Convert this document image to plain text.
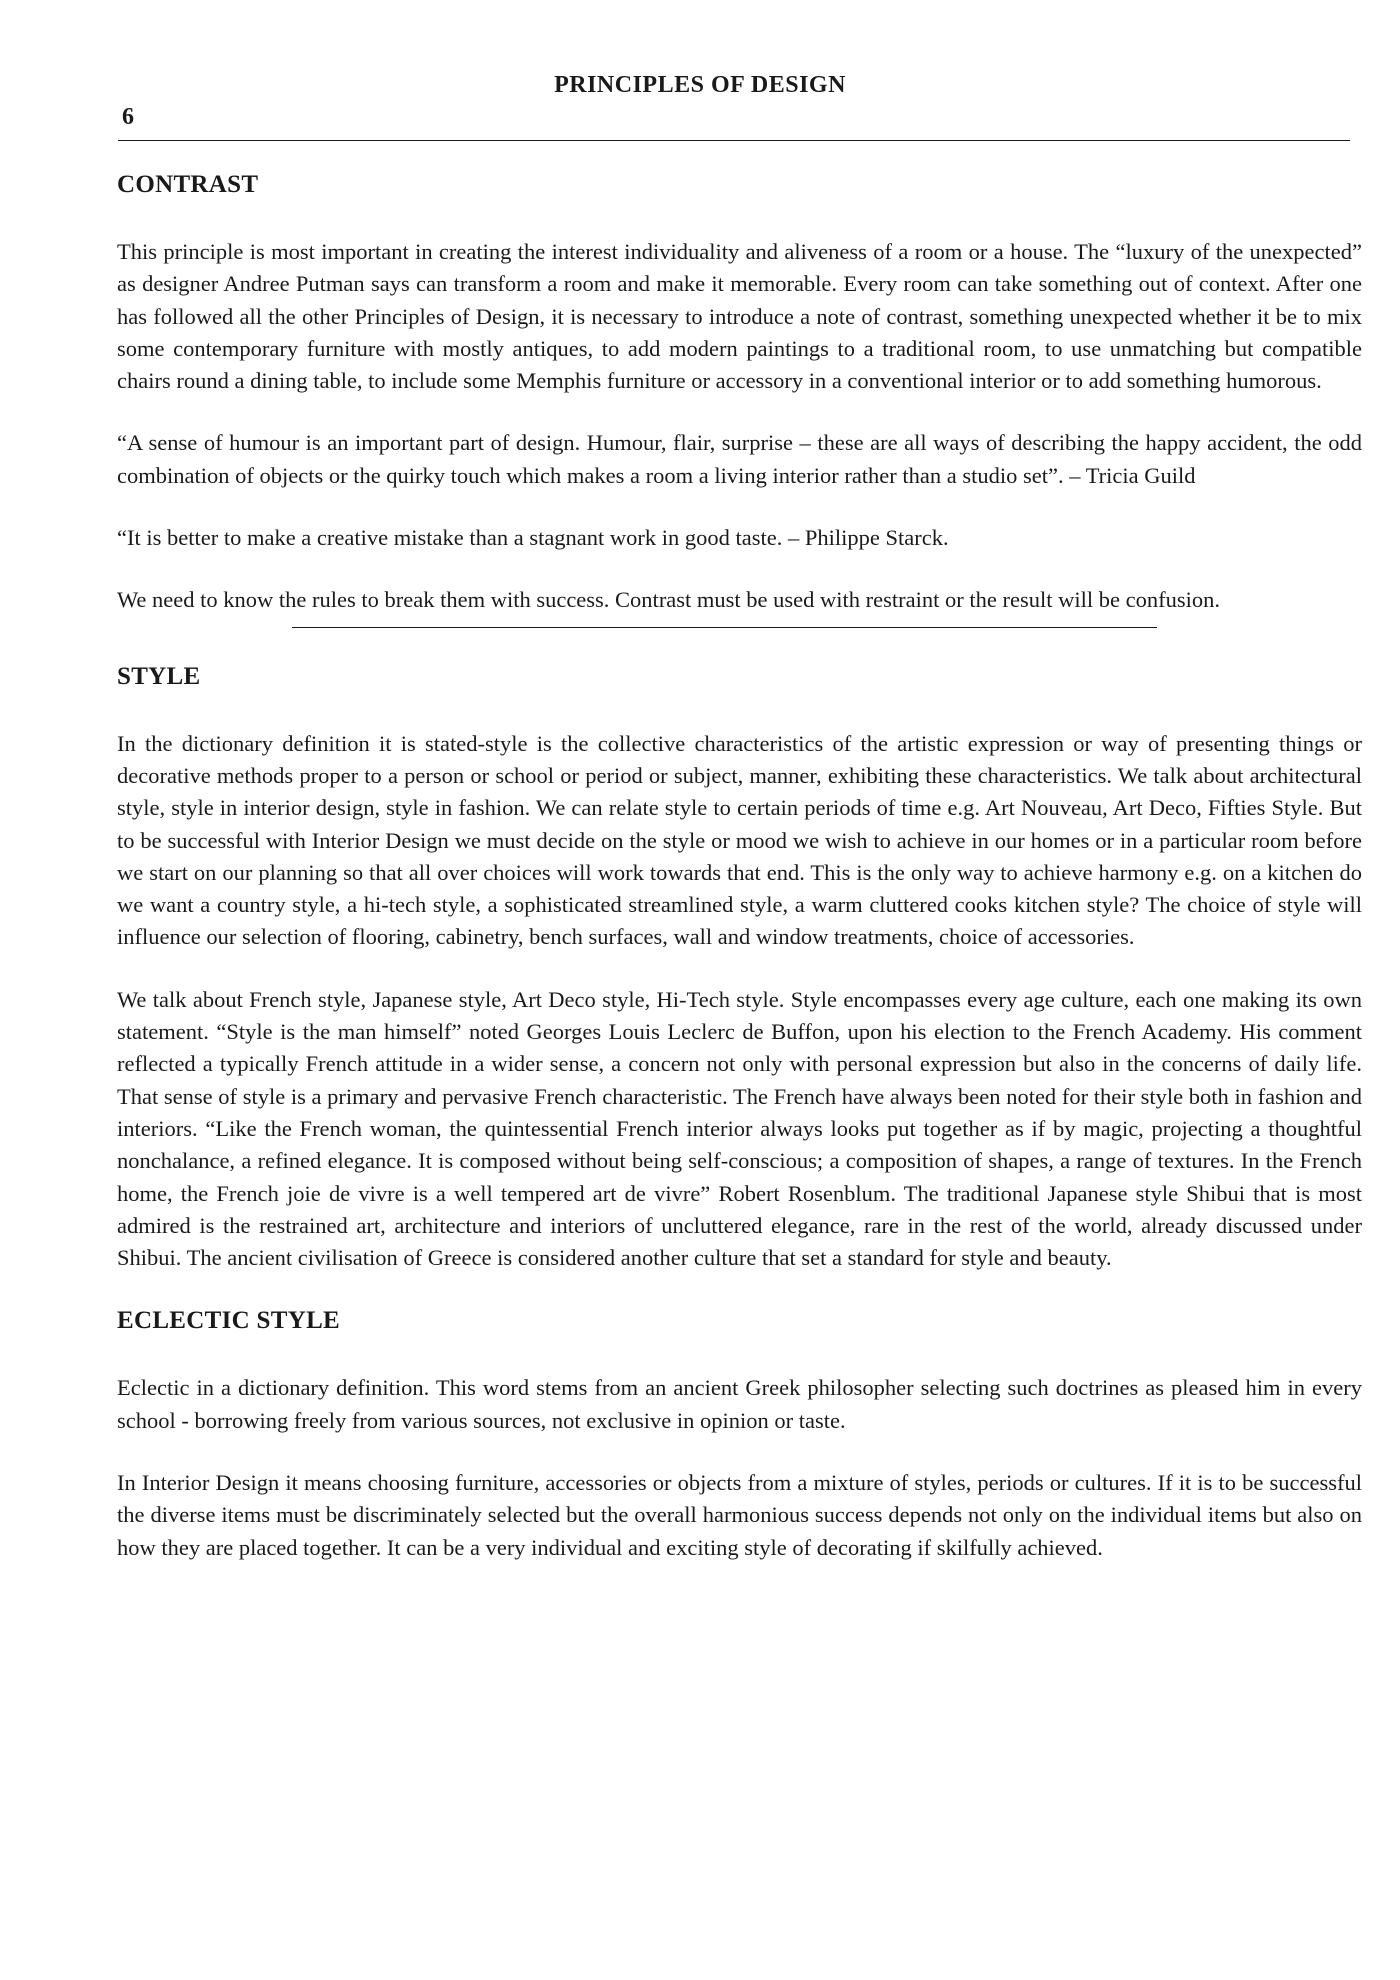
PRINCIPLES OF DESIGN
6
CONTRAST

This principle is most important in creating the interest individuality and aliveness of a room or a house. The “luxury of the unexpected” as designer Andree Putman says can transform a room and make it memorable. Every room can take something out of context. After one has followed all the other Principles of Design, it is necessary to introduce a note of contrast, something unexpected whether it be to mix some contemporary furniture with mostly antiques, to add modern paintings to a traditional room, to use unmatching but compatible chairs round a dining table, to include some Memphis furniture or accessory in a conventional interior or to add something humorous.

“A sense of humour is an important part of design. Humour, flair, surprise – these are all ways of describing the happy accident, the odd combination of objects or the quirky touch which makes a room a living interior rather than a studio set”. – Tricia Guild

“It is better to make a creative mistake than a stagnant work in good taste. – Philippe Starck.

We need to know the rules to break them with success. Contrast must be used with restraint or the result will be confusion.

STYLE

In the dictionary definition it is stated-style is the collective characteristics of the artistic expression or way of presenting things or decorative methods proper to a person or school or period or subject, manner, exhibiting these characteristics. We talk about architectural style, style in interior design, style in fashion. We can relate style to certain periods of time e.g. Art Nouveau, Art Deco, Fifties Style. But to be successful with Interior Design we must decide on the style or mood we wish to achieve in our homes or in a particular room before we start on our planning so that all over choices will work towards that end. This is the only way to achieve harmony e.g. on a kitchen do we want a country style, a hi-tech style, a sophisticated streamlined style, a warm cluttered cooks kitchen style? The choice of style will influence our selection of flooring, cabinetry, bench surfaces, wall and window treatments, choice of accessories.

We talk about French style, Japanese style, Art Deco style, Hi-Tech style. Style encompasses every age culture, each one making its own statement. “Style is the man himself” noted Georges Louis Leclerc de Buffon, upon his election to the French Academy. His comment reflected a typically French attitude in a wider sense, a concern not only with personal expression but also in the concerns of daily life. That sense of style is a primary and pervasive French characteristic. The French have always been noted for their style both in fashion and interiors. “Like the French woman, the quintessential French interior always looks put together as if by magic, projecting a thoughtful nonchalance, a refined elegance. It is composed without being self-conscious; a composition of shapes, a range of textures. In the French home, the French joie de vivre is a well tempered art de vivre” Robert Rosenblum. The traditional Japanese style Shibui that is most admired is the restrained art, architecture and interiors of uncluttered elegance, rare in the rest of the world, already discussed under Shibui. The ancient civilisation of Greece is considered another culture that set a standard for style and beauty.

ECLECTIC STYLE

Eclectic in a dictionary definition. This word stems from an ancient Greek philosopher selecting such doctrines as pleased him in every school - borrowing freely from various sources, not exclusive in opinion or taste.

In Interior Design it means choosing furniture, accessories or objects from a mixture of styles, periods or cultures. If it is to be successful the diverse items must be discriminately selected but the overall harmonious success depends not only on the individual items but also on how they are placed together. It can be a very individual and exciting style of decorating if skilfully achieved.
